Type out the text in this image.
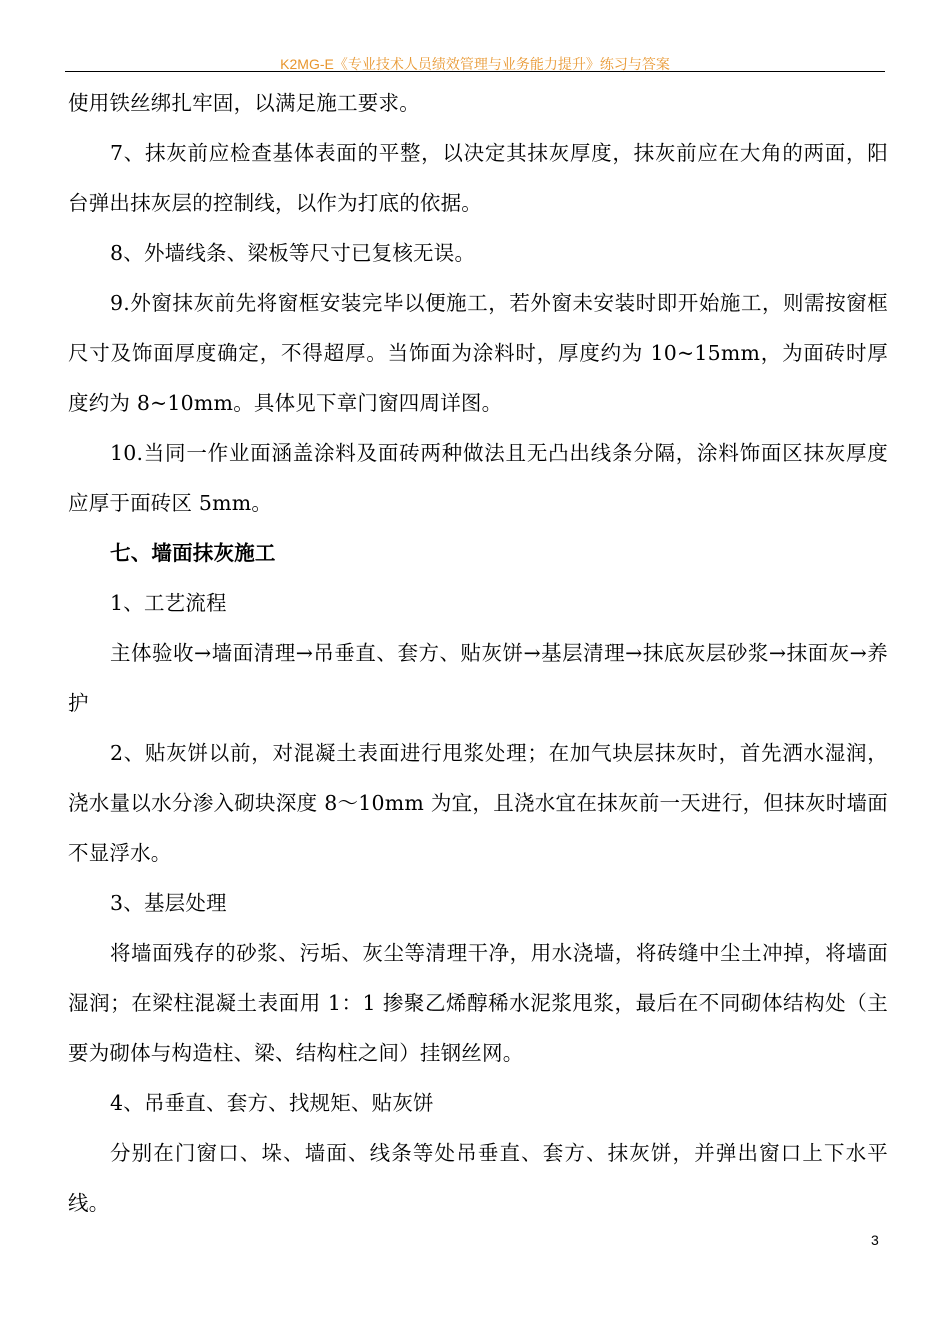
K2MG-E《专业技术人员绩效管理与业务能力提升》练习与答案

使用铁丝绑扎牢固，以满足施工要求。

7、抹灰前应检查基体表面的平整，以决定其抹灰厚度，抹灰前应在大角的两面，阳台弹出抹灰层的控制线，以作为打底的依据。

8、外墙线条、梁板等尺寸已复核无误。

9.外窗抹灰前先将窗框安装完毕以便施工，若外窗未安装时即开始施工，则需按窗框尺寸及饰面厚度确定，不得超厚。当饰面为涂料时，厚度约为 10~15mm，为面砖时厚度约为 8~10mm。具体见下章门窗四周详图。

10.当同一作业面涵盖涂料及面砖两种做法且无凸出线条分隔，涂料饰面区抹灰厚度应厚于面砖区 5mm。

七、墙面抹灰施工

1、工艺流程

主体验收→墙面清理→吊垂直、套方、贴灰饼→基层清理→抹底灰层砂浆→抹面灰→养护

2、贴灰饼以前，对混凝土表面进行甩浆处理；在加气块层抹灰时，首先洒水湿润，浇水量以水分渗入砌块深度 8～10mm 为宜，且浇水宜在抹灰前一天进行，但抹灰时墙面不显浮水。

3、基层处理

将墙面残存的砂浆、污垢、灰尘等清理干净，用水浇墙，将砖缝中尘土冲掉，将墙面湿润；在梁柱混凝土表面用 1：1 掺聚乙烯醇稀水泥浆甩浆，最后在不同砌体结构处（主要为砌体与构造柱、梁、结构柱之间）挂钢丝网。

4、吊垂直、套方、找规矩、贴灰饼

分别在门窗口、垛、墙面、线条等处吊垂直、套方、抹灰饼，并弹出窗口上下水平线。

3
